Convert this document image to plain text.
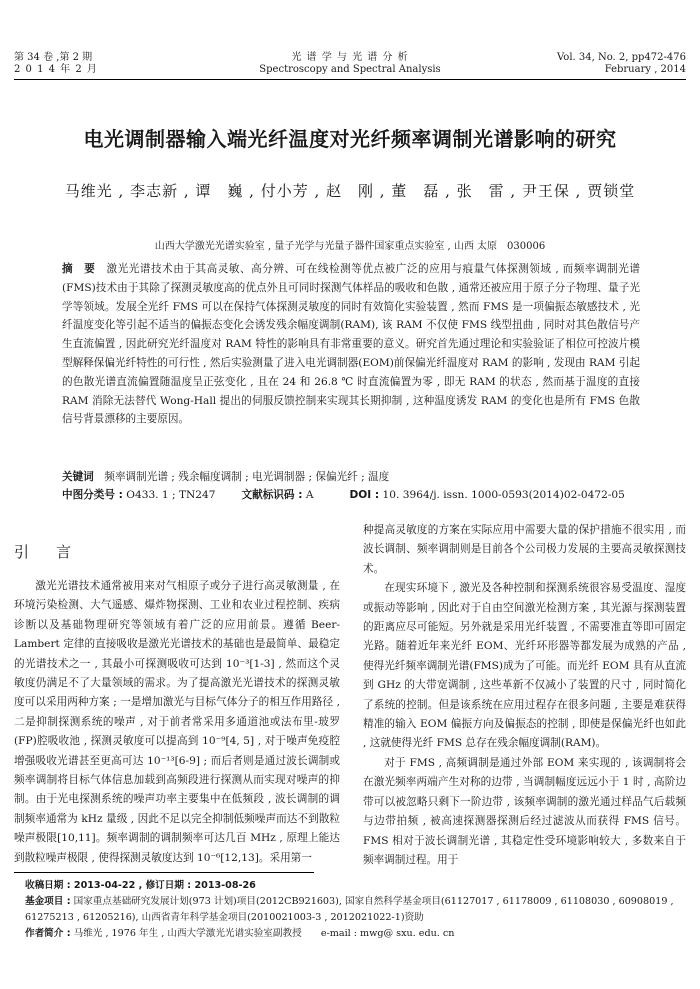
第 34 卷 ,第 2 期
2 0 1 4 年 2 月
光 谱 学 与 光 谱 分 析
Spectroscopy and Spectral Analysis
Vol. 34, No. 2, pp472-476
February , 2014
电光调制器输入端光纤温度对光纤频率调制光谱影响的研究
马维光 , 李志新 , 谭　巍 , 付小芳 , 赵　刚 , 董　磊 , 张　雷 , 尹王保 , 贾锁堂
山西大学激光光谱实验室 , 量子光学与光量子器件国家重点实验室 , 山西 太原　030006
摘　要　 激光光谱技术由于其高灵敏、高分辨、可在线检测等优点被广泛的应用与痕量气体探测领域 , 而频率调制光谱(FMS)技术由于其除了探测灵敏度高的优点外且可同时探测气体样品的吸收和色散 , 通常还被应用于原子分子物理、量子光学等领域。发展全光纤 FMS 可以在保持气体探测灵敏度的同时有效简化实验装置 , 然而 FMS 是一项偏振态敏感技术 , 光纤温度变化等引起不适当的偏振态变化会诱发残余幅度调制(RAM), 该 RAM 不仅使 FMS 线型扭曲 , 同时对其色散信号产生直流偏置 , 因此研究光纤温度对 RAM 特性的影响具有非常重要的意义。研究首先通过理论和实验验证了相位可控波片模型解释保偏光纤特性的可行性 , 然后实验测量了进入电光调制器(EOM)前保偏光纤温度对 RAM 的影响 , 发现由 RAM 引起的色散光谱直流偏置随温度呈正弦变化 , 且在 24 和 26.8 ℃ 时直流偏置为零 , 即无 RAM 的状态 , 然而基于温度的直接 RAM 消除无法替代 Wong-Hall 提出的伺服反馈控制来实现其长期抑制 , 这种温度诱发 RAM 的变化也是所有 FMS 色散信号背景漂移的主要原因。
关键词　 频率调制光谱 ; 残余幅度调制 ; 电光调制器 ; 保偏光纤 ; 温度
中图分类号 : O433. 1 ; TN247 文献标识码 : A	DOI : 10. 3964/j. issn. 1000-0593(2014)02-0472-05
引　言

激光光谱技术通常被用来对气相原子或分子进行高灵敏测量 , 在环境污染检测、大气遥感、爆炸物探测、工业和农业过程控制、疾病诊断以及基础物理研究等领域有着广泛的应用前景。遵循 Beer-Lambert 定律的直接吸收是激光光谱技术的基础也是最简单、最稳定的光谱技术之一 , 其最小可探测吸收可达到 10⁻³[1-3] , 然而这个灵敏度仍满足不了大量领域的需求。为了提高激光光谱技术的探测灵敏度可以采用两种方案 ; 一是增加激光与目标气体分子的相互作用路径 , 二是抑制探测系统的噪声 , 对于前者常采用多通道池或法布里-玻罗(FP)腔吸收池 , 探测灵敏度可以提高到 10⁻⁹[4, 5] , 对于噪声免疫腔增强吸收光谱甚至更高可达 10⁻¹³[6-9] ; 而后者则是通过波长调制或频率调制将目标气体信息加载到高频段进行探测从而实现对噪声的抑制。由于光电探测系统的噪声功率主要集中在低频段 , 波长调制的调制频率通常为 kHz 量级 , 因此不足以完全抑制低频噪声而达不到散粒噪声极限[10,11]。频率调制的调制频率可达几百 MHz , 原理上能达到散粒噪声极限 , 使得探测灵敏度达到 10⁻⁶[12,13]。采用第一

种提高灵敏度的方案在实际应用中需要大量的保护措施不很实用 , 而波长调制、频率调制则是目前各个公司极力发展的主要高灵敏探测技术。

在现实环境下 , 激光及各种控制和探测系统很容易受温度、湿度或振动等影响 , 因此对于自由空间激光检测方案 , 其光源与探测装置的距离应尽可能短。另外就是采用光纤装置 , 不需要准直等即可固定光路。随着近年来光纤 EOM、光纤环形器等都发展为成熟的产品 , 使得光纤频率调制光谱(FMS)成为了可能。而光纤 EOM 具有从直流到 GHz 的大带宽调制 , 这些革新不仅减小了装置的尺寸 , 同时简化了系统的控制。但是该系统在应用过程存在很多问题 , 主要是难获得精准的输入 EOM 偏振方向及偏振态的控制 , 即使是保偏光纤也如此 , 这就使得光纤 FMS 总存在残余幅度调制(RAM)。

对于 FMS , 高频调制是通过外部 EOM 来实现的 , 该调制将会在激光频率两端产生对称的边带 , 当调制幅度远远小于 1 时 , 高阶边带可以被忽略只剩下一阶边带 , 该频率调制的激光通过样品气后载频与边带拍频 , 被高速探测器探测后经过滤波从而获得 FMS 信号。FMS 相对于波长调制光谱 , 其稳定性受环境影响较大 , 多数来自于频率调制过程。用于

收稿日期 : 2013-04-22 , 修订日期 : 2013-08-26
基金项目 : 国家重点基础研究发展计划(973 计划)项目(2012CB921603), 国家自然科学基金项目(61127017 , 61178009 , 61108030 , 60908019 , 61275213 , 61205216), 山西省青年科学基金项目(2010021003-3 , 2012021022-1)资助
作者简介 : 马维光 , 1976 年生 , 山西大学激光光谱实验室副教授　　e-mail : mwg@ sxu. edu. cn
